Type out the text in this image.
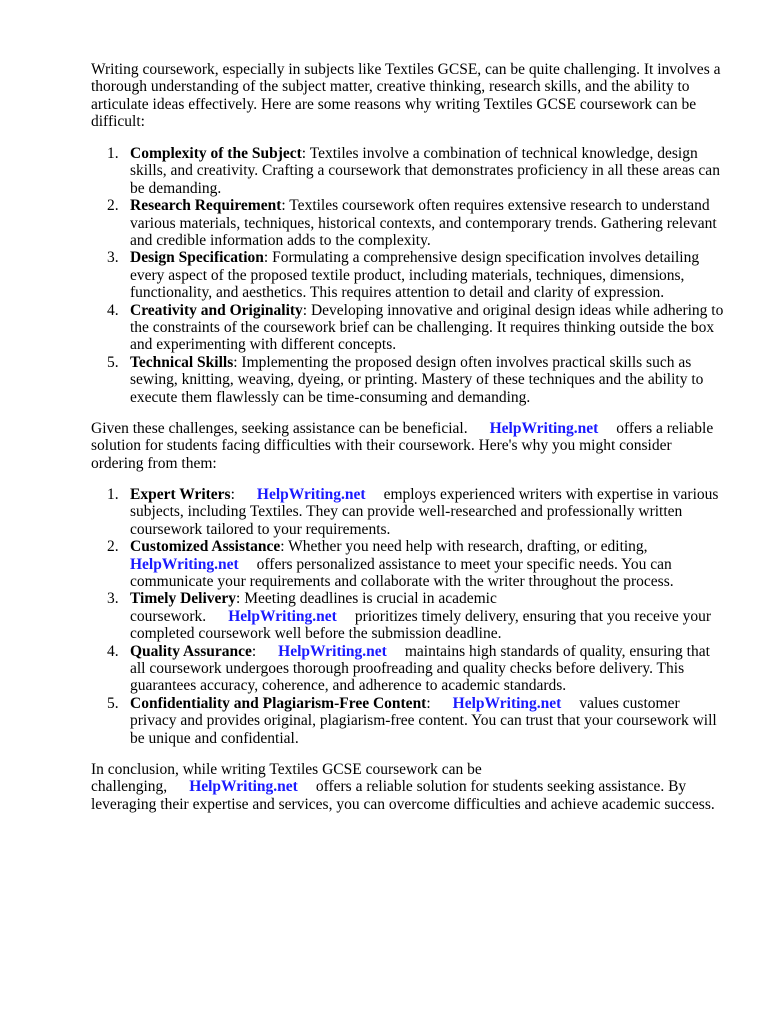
Writing coursework, especially in subjects like Textiles GCSE, can be quite challenging. It involves a thorough understanding of the subject matter, creative thinking, research skills, and the ability to articulate ideas effectively. Here are some reasons why writing Textiles GCSE coursework can be difficult:

1. Complexity of the Subject: Textiles involve a combination of technical knowledge, design skills, and creativity. Crafting a coursework that demonstrates proficiency in all these areas can be demanding.
2. Research Requirement: Textiles coursework often requires extensive research to understand various materials, techniques, historical contexts, and contemporary trends. Gathering relevant and credible information adds to the complexity.
3. Design Specification: Formulating a comprehensive design specification involves detailing every aspect of the proposed textile product, including materials, techniques, dimensions, functionality, and aesthetics. This requires attention to detail and clarity of expression.
4. Creativity and Originality: Developing innovative and original design ideas while adhering to the constraints of the coursework brief can be challenging. It requires thinking outside the box and experimenting with different concepts.
5. Technical Skills: Implementing the proposed design often involves practical skills such as sewing, knitting, weaving, dyeing, or printing. Mastery of these techniques and the ability to execute them flawlessly can be time-consuming and demanding.

Given these challenges, seeking assistance can be beneficial. HelpWriting.net offers a reliable solution for students facing difficulties with their coursework. Here's why you might consider ordering from them:

1. Expert Writers: HelpWriting.net employs experienced writers with expertise in various subjects, including Textiles. They can provide well-researched and professionally written coursework tailored to your requirements.
2. Customized Assistance: Whether you need help with research, drafting, or editing, HelpWriting.net offers personalized assistance to meet your specific needs. You can communicate your requirements and collaborate with the writer throughout the process.
3. Timely Delivery: Meeting deadlines is crucial in academic coursework. HelpWriting.net prioritizes timely delivery, ensuring that you receive your completed coursework well before the submission deadline.
4. Quality Assurance: HelpWriting.net maintains high standards of quality, ensuring that all coursework undergoes thorough proofreading and quality checks before delivery. This guarantees accuracy, coherence, and adherence to academic standards.
5. Confidentiality and Plagiarism-Free Content: HelpWriting.net values customer privacy and provides original, plagiarism-free content. You can trust that your coursework will be unique and confidential.

In conclusion, while writing Textiles GCSE coursework can be challenging, HelpWriting.net offers a reliable solution for students seeking assistance. By leveraging their expertise and services, you can overcome difficulties and achieve academic success.
